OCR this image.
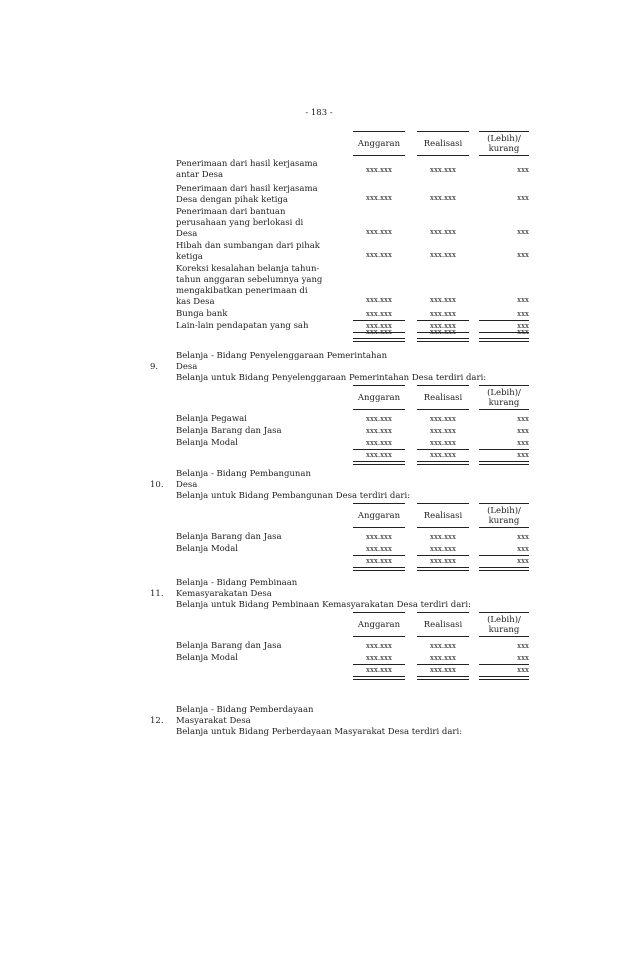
- 183 -
Anggaran	Realisasi	(Lebih)/ kurang
Penerimaan dari hasil kerjasama
antar Desa	xxx.xxx	xxx.xxx	xxx
Penerimaan dari hasil kerjasama
Desa dengan pihak ketiga	xxx.xxx	xxx.xxx	xxx
Penerimaan dari bantuan
perusahaan yang berlokasi di
Desa	xxx.xxx	xxx.xxx	xxx
Hibah dan sumbangan dari pihak
ketiga	xxx.xxx	xxx.xxx	xxx
Koreksi kesalahan belanja tahun-
tahun anggaran sebelumnya yang
mengakibatkan penerimaan di
kas Desa	xxx.xxx	xxx.xxx	xxx
Bunga bank	xxx.xxx	xxx.xxx	xxx
Lain-lain pendapatan yang sah	xxx.xxx	xxx.xxx	xxx
xxx.xxx	xxx.xxx	xxx
Belanja - Bidang Penyelenggaraan Pemerintahan
9. Desa
Belanja untuk Bidang Penyelenggaraan Pemerintahan Desa terdiri dari:
Anggaran	Realisasi	(Lebih)/ kurang
Belanja Pegawai	xxx.xxx	xxx.xxx	xxx
Belanja Barang dan Jasa	xxx.xxx	xxx.xxx	xxx
Belanja Modal	xxx.xxx	xxx.xxx	xxx
xxx.xxx	xxx.xxx	xxx
Belanja - Bidang Pembangunan
10. Desa
Belanja untuk Bidang Pembangunan Desa terdiri dari:
Anggaran	Realisasi	(Lebih)/ kurang
Belanja Barang dan Jasa	xxx.xxx	xxx.xxx	xxx
Belanja Modal	xxx.xxx	xxx.xxx	xxx
xxx.xxx	xxx.xxx	xxx
Belanja - Bidang Pembinaan
11. Kemasyarakatan Desa
Belanja untuk Bidang Pembinaan Kemasyarakatan Desa terdiri dari:
Anggaran	Realisasi	(Lebih)/ kurang
Belanja Barang dan Jasa	xxx.xxx	xxx.xxx	xxx
Belanja Modal	xxx.xxx	xxx.xxx	xxx
xxx.xxx	xxx.xxx	xxx
Belanja - Bidang Pemberdayaan
12. Masyarakat Desa
Belanja untuk Bidang Perberdayaan Masyarakat Desa terdiri dari:
